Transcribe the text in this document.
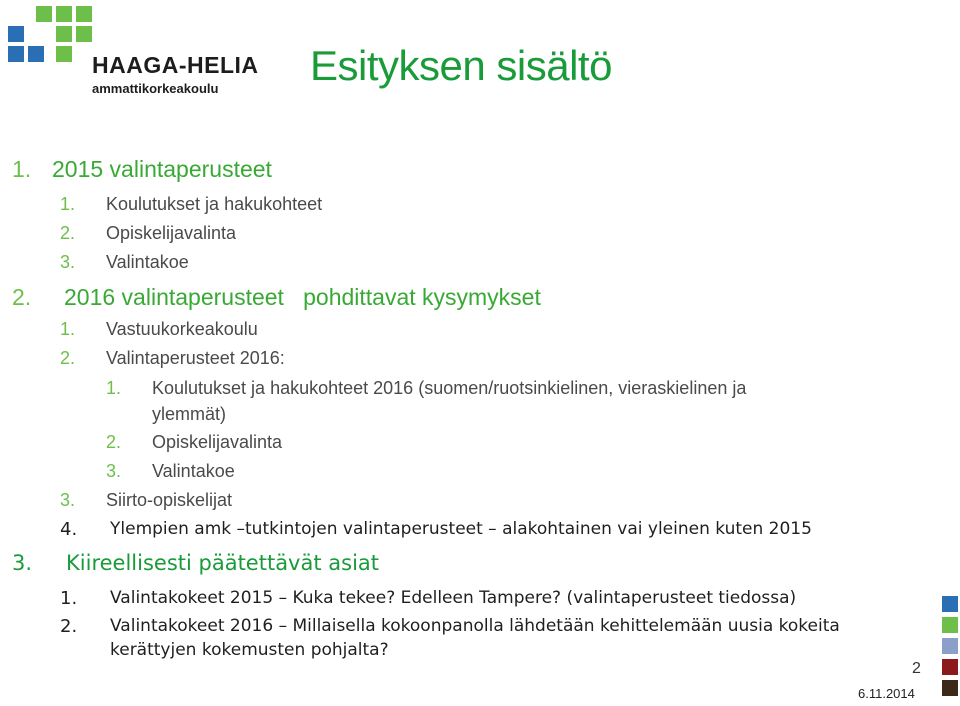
HAAGA-HELIA
ammattikorkeakoulu Esityksen sisältö
1. 2015 valintaperusteet
1. Koulutukset ja hakukohteet
2. Opiskelijavalinta
3. Valintakoe
2. 2016 valintaperusteet   pohdittavat kysymykset
1. Vastuukorkeakoulu
2. Valintaperusteet 2016:
1. Koulutukset ja hakukohteet 2016 (suomen/ruotsinkielinen, vieraskielinen ja
ylemmät)
2. Opiskelijavalinta
3. Valintakoe
3. Siirto-opiskelijat
4. Ylempien amk –tutkintojen valintaperusteet – alakohtainen vai yleinen kuten 2015
3. Kiireellisesti päätettävät asiat
1. Valintakokeet 2015 – Kuka tekee? Edelleen Tampere? (valintaperusteet tiedossa)
2. Valintakokeet 2016 – Millaisella kokoonpanolla lähdetään kehittelemään uusia kokeita
kerättyjen kokemusten pohjalta?
2
6.11.2014
